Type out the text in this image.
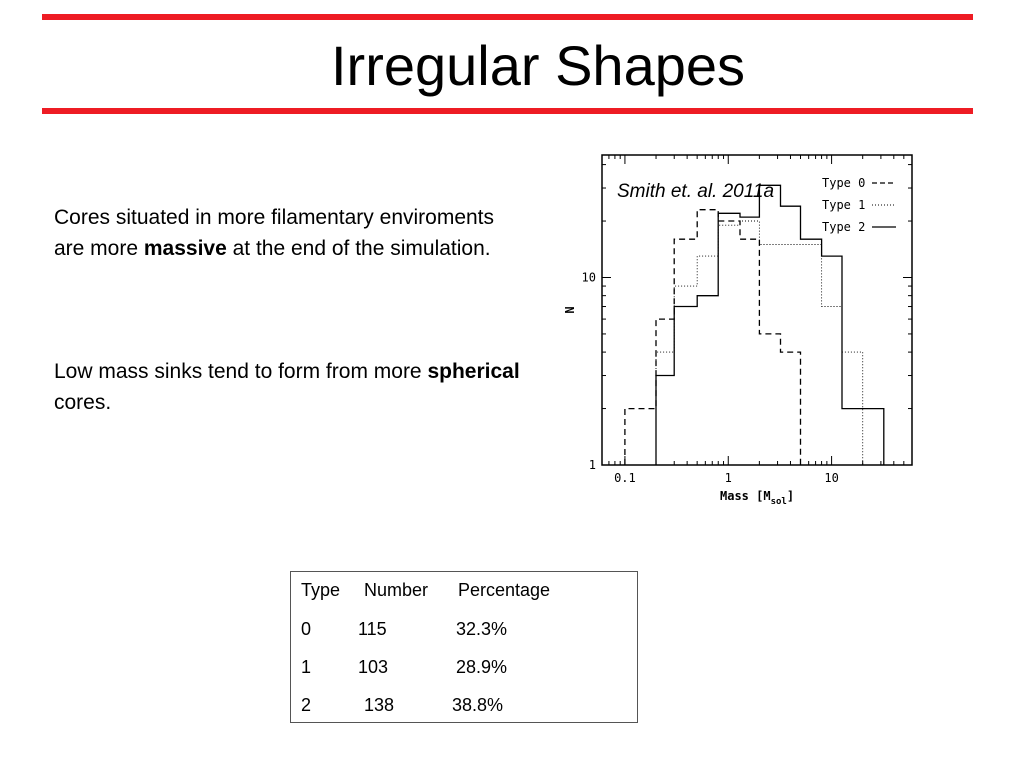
Irregular Shapes
Cores situated in more filamentary enviroments are more massive at the end of the simulation.
Low mass sinks tend to form from more spherical cores.
0.1	1	10
1
10
Smith et. al. 2011a	Type 0
Type 1
Type 2
Mass $[M_{sol}]$
N
Type Number Percentage
0	115	32.3%
1	103	28.9%
2	138	38.8%
